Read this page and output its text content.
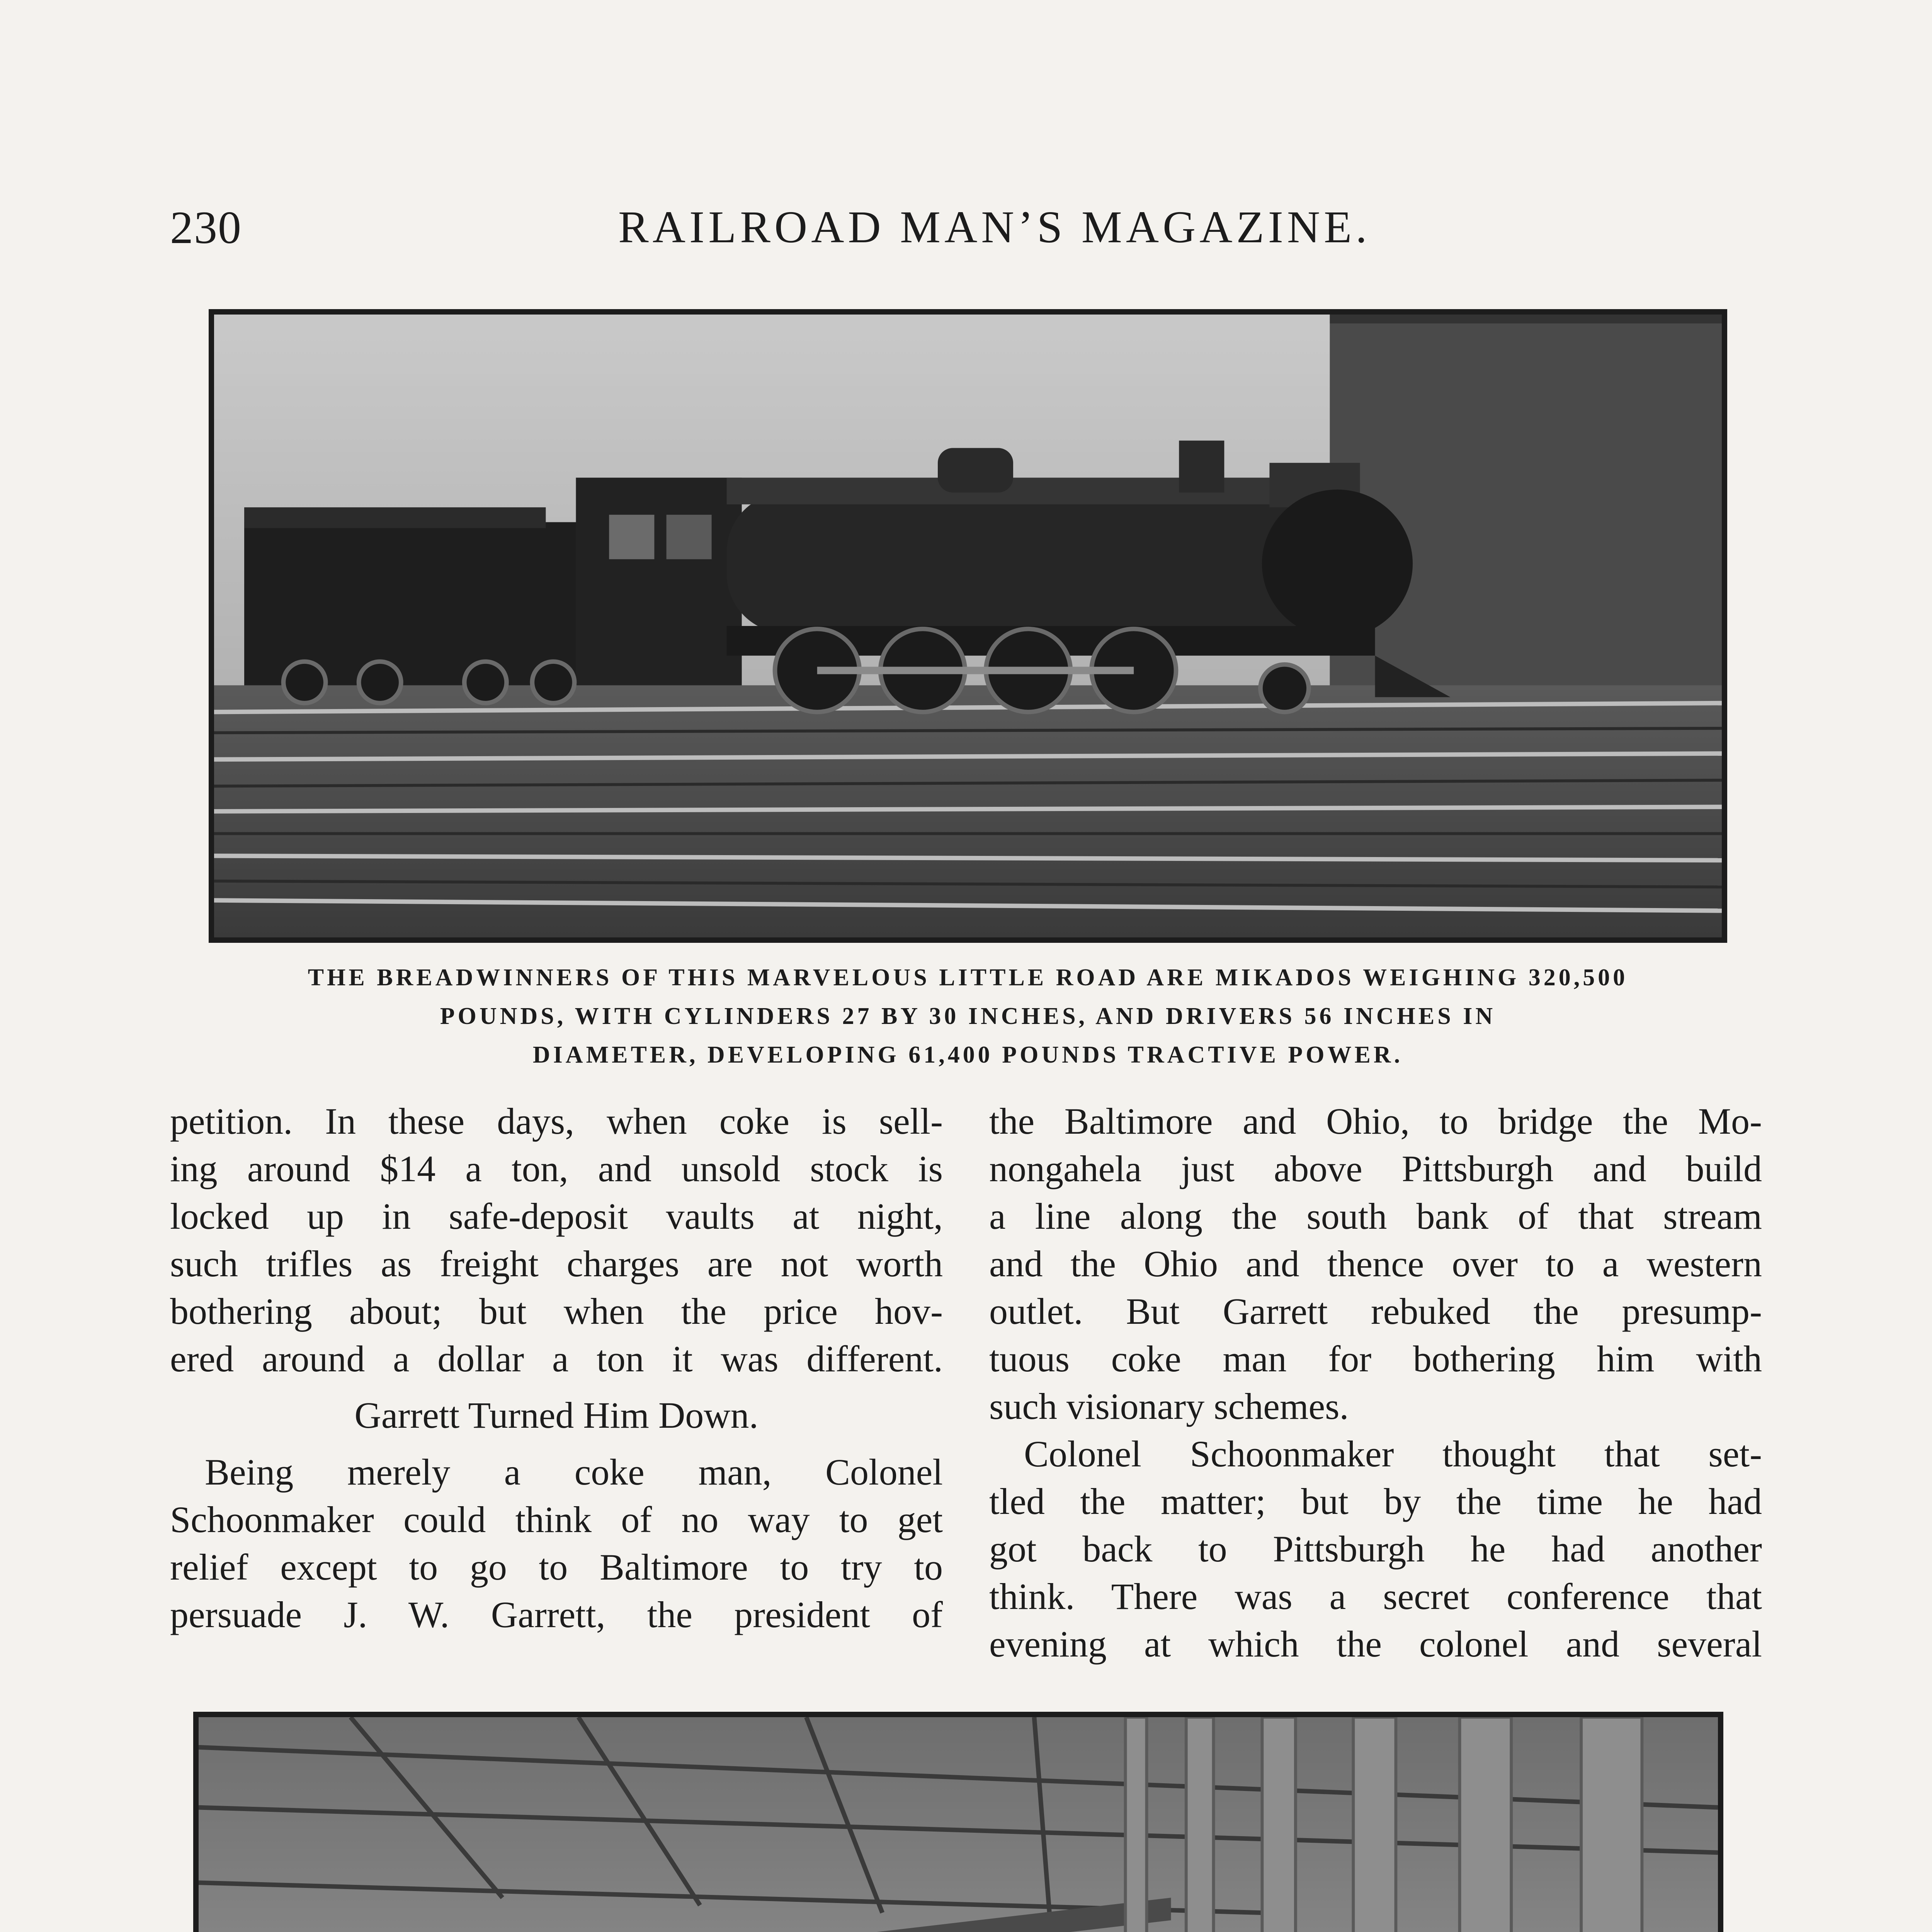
230	RAILROAD MAN’S MAGAZINE.
THE BREADWINNERS OF THIS MARVELOUS LITTLE ROAD ARE MIKADOS WEIGHING 320,500
POUNDS, WITH CYLINDERS 27 BY 30 INCHES, AND DRIVERS 56 INCHES IN
DIAMETER, DEVELOPING 61,400 POUNDS TRACTIVE POWER.
petition. In these days, when coke is sell-
ing around $14 a ton, and unsold stock is
locked up in safe-deposit vaults at night,
such trifles as freight charges are not worth
bothering about; but when the price hov-
ered around a dollar a ton it was different.
Garrett Turned Him Down.
Being merely a coke man, Colonel
Schoonmaker could think of no way to get
relief except to go to Baltimore to try to
persuade J. W. Garrett, the president of
the Baltimore and Ohio, to bridge the Mo-
nongahela just above Pittsburgh and build
a line along the south bank of that stream
and the Ohio and thence over to a western
outlet. But Garrett rebuked the presump-
tuous coke man for bothering him with
such visionary schemes.
Colonel Schoonmaker thought that set-
tled the matter; but by the time he had
got back to Pittsburgh he had another
think. There was a secret conference that
evening at which the colonel and several
